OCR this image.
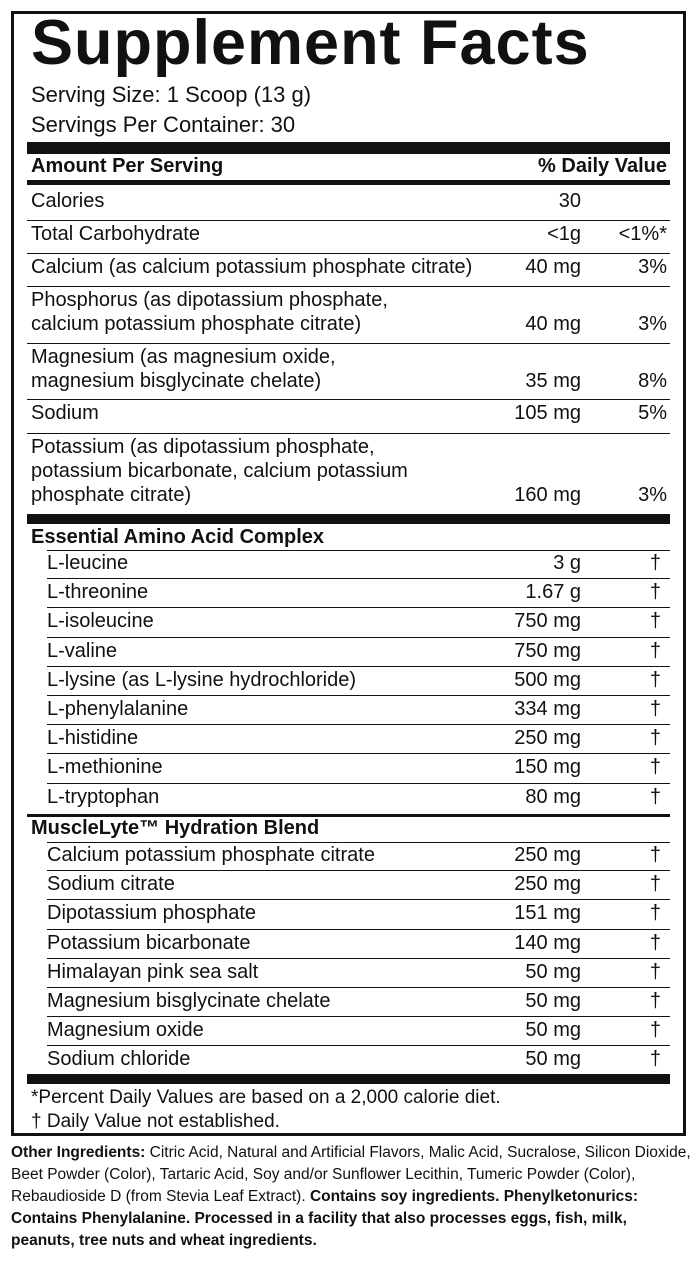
Supplement Facts
Serving Size: 1 Scoop (13 g)
Servings Per Container: 30
Amount Per Serving	% Daily Value
Calories	30
Total Carbohydrate	<1g <1%*
Calcium (as calcium potassium phosphate citrate)	40 mg	3%
Phosphorus (as dipotassium phosphate,
calcium potassium phosphate citrate)	40 mg	3%
Magnesium (as magnesium oxide,
magnesium bisglycinate chelate)	35 mg	8%
Sodium	105 mg	5%
Potassium (as dipotassium phosphate,
potassium bicarbonate, calcium potassium
phosphate citrate)	160 mg	3%
Essential Amino Acid Complex
L-leucine	3 g	†
L-threonine	1.67 g	†
L-isoleucine	750 mg	†
L-valine	750 mg	†
L-lysine (as L-lysine hydrochloride)	500 mg	†
L-phenylalanine	334 mg	†
L-histidine	250 mg	†
L-methionine	150 mg	†
L-tryptophan	80 mg	†
MuscleLyte™ Hydration Blend
Calcium potassium phosphate citrate	250 mg	†
Sodium citrate	250 mg	†
Dipotassium phosphate	151 mg	†
Potassium bicarbonate	140 mg	†
Himalayan pink sea salt	50 mg	†
Magnesium bisglycinate chelate	50 mg	†
Magnesium oxide	50 mg	†
Sodium chloride	50 mg	†
*Percent Daily Values are based on a 2,000 calorie diet.
† Daily Value not established.
Other Ingredients: Citric Acid, Natural and Artificial Flavors, Malic Acid, Sucralose, Silicon Dioxide, Beet Powder (Color), Tartaric Acid, Soy and/or Sunflower Lecithin, Tumeric Powder (Color), Rebaudioside D (from Stevia Leaf Extract). Contains soy ingredients. Phenylketonurics: Contains Phenylalanine. Processed in a facility that also processes eggs, fish, milk, peanuts, tree nuts and wheat ingredients.
